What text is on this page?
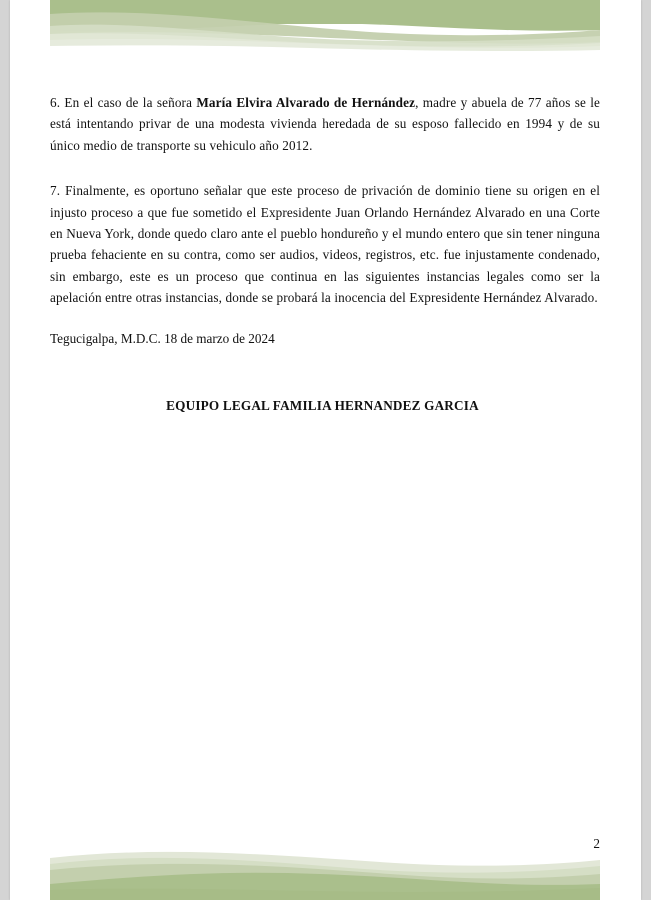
6. En el caso de la señora María Elvira Alvarado de Hernández, madre y abuela de 77 años se le está intentando privar de una modesta vivienda heredada de su esposo fallecido en 1994 y de su único medio de transporte su vehiculo año 2012.

7. Finalmente, es oportuno señalar que este proceso de privación de dominio tiene su origen en el injusto proceso a que fue sometido el Expresidente Juan Orlando Hernández Alvarado en una Corte en Nueva York, donde quedo claro ante el pueblo hondureño y el mundo entero que sin tener ninguna prueba fehaciente en su contra, como ser audios, videos, registros, etc. fue injustamente condenado, sin embargo, este es un proceso que continua en las siguientes instancias legales como ser la apelación entre otras instancias, donde se probará la inocencia del Expresidente Hernández Alvarado.

Tegucigalpa, M.D.C. 18 de marzo de 2024

EQUIPO LEGAL FAMILIA HERNANDEZ GARCIA

2
